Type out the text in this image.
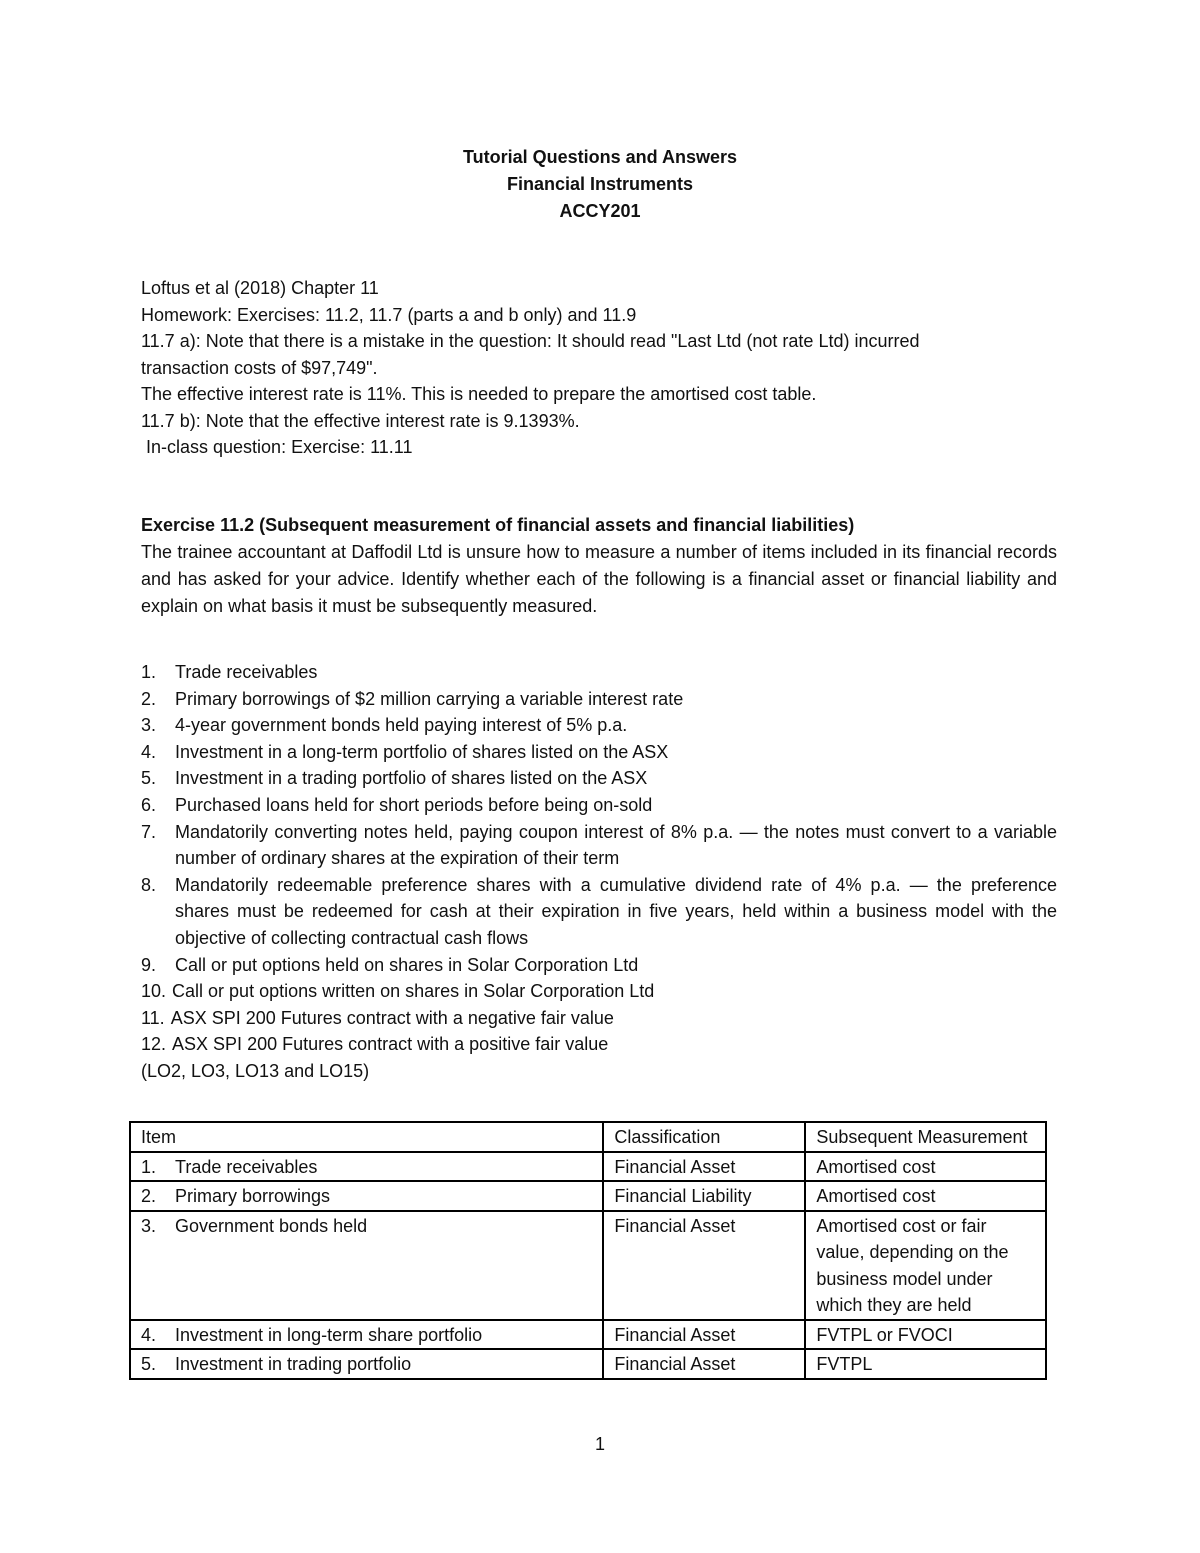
Tutorial Questions and Answers
Financial Instruments
ACCY201
Loftus et al (2018) Chapter 11
Homework: Exercises: 11.2, 11.7 (parts a and b only) and 11.9
11.7 a): Note that there is a mistake in the question: It should read "Last Ltd (not rate Ltd) incurred
transaction costs of $97,749".
The effective interest rate is 11%. This is needed to prepare the amortised cost table.
11.7 b): Note that the effective interest rate is 9.1393%.
In-class question: Exercise: 11.11
Exercise 11.2 (Subsequent measurement of financial assets and financial liabilities)
The trainee accountant at Daffodil Ltd is unsure how to measure a number of items included in its financial records and has asked for your advice. Identify whether each of the following is a financial asset or financial liability and explain on what basis it must be subsequently measured.
1.	Trade receivables
2.	Primary borrowings of $2 million carrying a variable interest rate
3.	4-year government bonds held paying interest of 5% p.a.
4.	Investment in a long-term portfolio of shares listed on the ASX
5.	Investment in a trading portfolio of shares listed on the ASX
6.	Purchased loans held for short periods before being on-sold
7.	Mandatorily converting notes held, paying coupon interest of 8% p.a. — the notes must convert to a variable number of ordinary shares at the expiration of their term
8.	Mandatorily redeemable preference shares with a cumulative dividend rate of 4% p.a. — the preference shares must be redeemed for cash at their expiration in five years, held within a business model with the objective of collecting contractual cash flows
9.	Call or put options held on shares in Solar Corporation Ltd
10. Call or put options written on shares in Solar Corporation Ltd
11. ASX SPI 200 Futures contract with a negative fair value
12. ASX SPI 200 Futures contract with a positive fair value
(LO2, LO3, LO13 and LO15)
Item	Classification	Subsequent Measurement
1. Trade receivables	Financial Asset	Amortised cost
2. Primary borrowings	Financial Liability	Amortised cost
3. Government bonds held	Financial Asset	Amortised cost or fair value, depending on the business model under which they are held
4. Investment in long-term share portfolio	Financial Asset	FVTPL or FVOCI
5. Investment in trading portfolio	Financial Asset	FVTPL
1
